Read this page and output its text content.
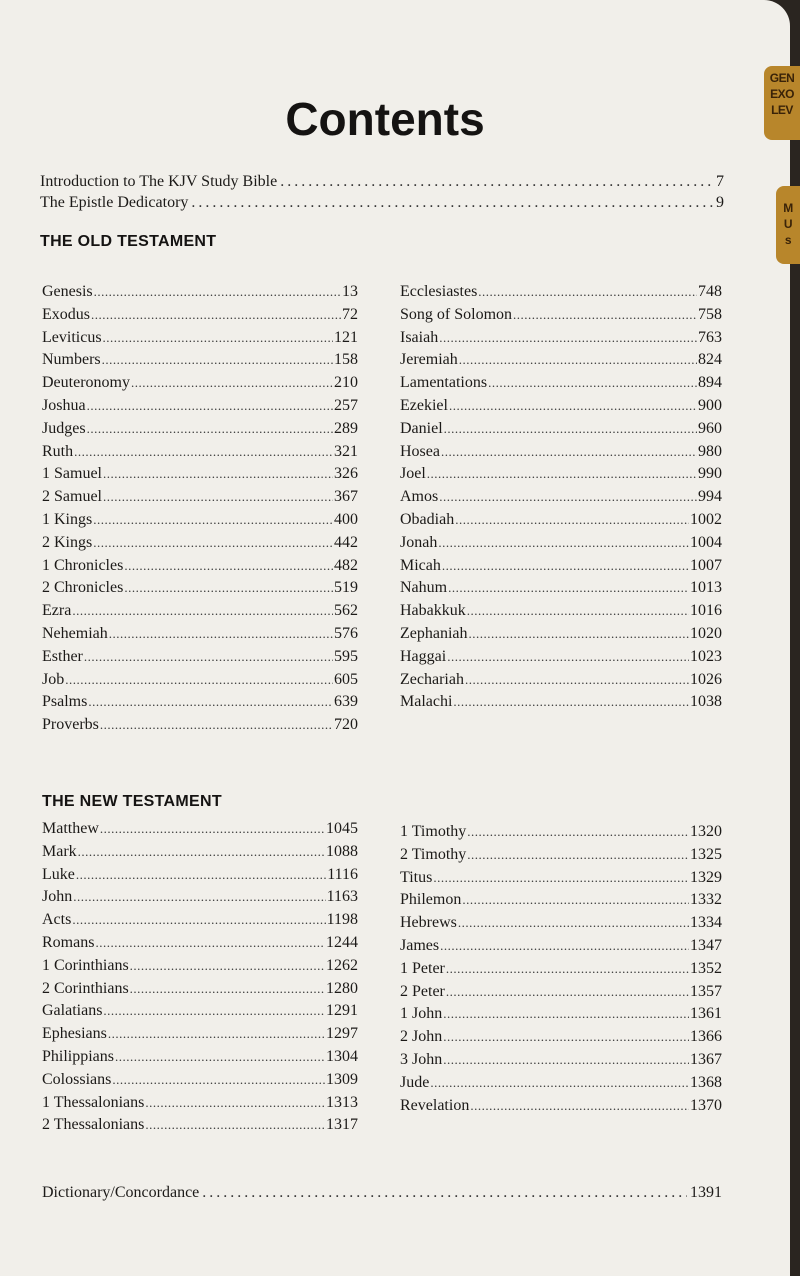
Contents
Introduction to The KJV Study Bible .....	7
The Epistle Dedicatory .....	9
THE OLD TESTAMENT
Genesis .....	13
Exodus .....	72
Leviticus .....	121
Numbers .....	158
Deuteronomy .....	210
Joshua .....	257
Judges .....	289
Ruth .....	321
1 Samuel .....	326
2 Samuel .....	367
1 Kings .....	400
2 Kings .....	442
1 Chronicles .....	482
2 Chronicles .....	519
Ezra .....	562
Nehemiah .....	576
Esther .....	595
Job .....	605
Psalms .....	639
Proverbs .....	720
Ecclesiastes .....	748
Song of Solomon .....	758
Isaiah .....	763
Jeremiah .....	824
Lamentations .....	894
Ezekiel .....	900
Daniel .....	960
Hosea .....	980
Joel .....	990
Amos .....	994
Obadiah .....	1002
Jonah .....	1004
Micah .....	1007
Nahum .....	1013
Habakkuk .....	1016
Zephaniah .....	1020
Haggai .....	1023
Zechariah .....	1026
Malachi .....	1038
THE NEW TESTAMENT
Matthew .....	1045
Mark .....	1088
Luke .....	1116
John .....	1163
Acts .....	1198
Romans .....	1244
1 Corinthians .....	1262
2 Corinthians .....	1280
Galatians .....	1291
Ephesians .....	1297
Philippians .....	1304
Colossians .....	1309
1 Thessalonians .....	1313
2 Thessalonians .....	1317
1 Timothy .....	1320
2 Timothy .....	1325
Titus .....	1329
Philemon .....	1332
Hebrews .....	1334
James .....	1347
1 Peter .....	1352
2 Peter .....	1357
1 John .....	1361
2 John .....	1366
3 John .....	1367
Jude .....	1368
Revelation .....	1370
Dictionary/Concordance .....	1391
GEN
EXO
LEV
M
U
s
